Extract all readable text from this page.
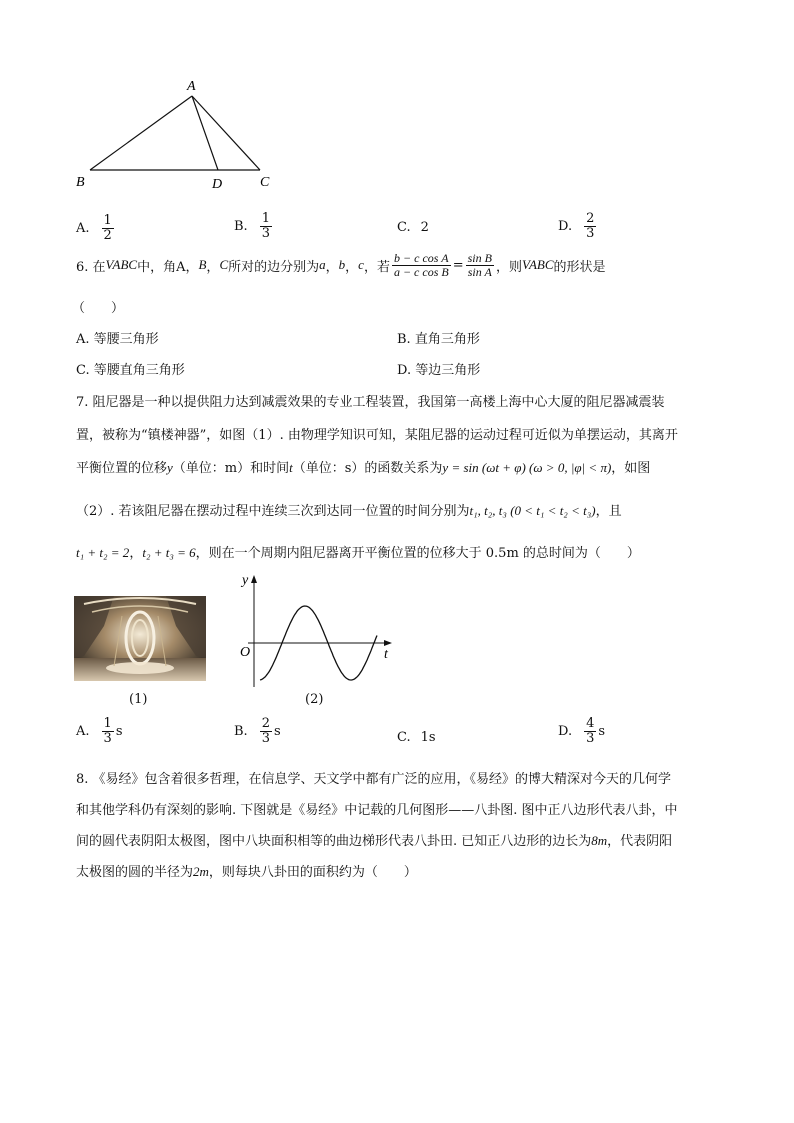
A
B	D	C
A. $\frac{1}{2}$	B. $\frac{1}{3}$	C. 2	D. $\frac{2}{3}$
6. 在 VABC 中，角A， B ， C 所对的边分别为 a ， b ， c ，若 $\frac{\text{b − c cos A}}{\text{a − c cos B}} = \frac{\text{sin B}}{\text{sin A}}$ ，则 VABC 的形状是
（　　）
A. 等腰三角形	B. 直角三角形
C. 等腰直角三角形	D. 等边三角形
7. 阻尼器是一种以提供阻力达到减震效果的专业工程装置，我国第一高楼上海中心大厦的阻尼器减震装
置，被称为“镇楼神器”，如图（1）. 由物理学知识可知，某阻尼器的运动过程可近似为单摆运动，其离开
平衡位置的位移y（单位：m）和时间t（单位：s）的函数关系为y = sin (ωt + φ) (ω > 0, |φ| < π)，如图
（2）. 若该阻尼器在摆动过程中连续三次到达同一位置的时间分别为t₁, t₂, t₃ (0 < t₁ < t₂ < t₃)，且
t₁ + t₂ = 2，t₂ + t₃ = 6，则在一个周期内阻尼器离开平衡位置的位移大于 0.5m 的总时间为（　　）
(1)
y
t
O
(2)
A. $\frac{1}{3}$ s	B. $\frac{2}{3}$ s	C. 1s	D. $\frac{4}{3}$ s
8. 《易经》包含着很多哲理，在信息学、天文学中都有广泛的应用，《易经》的博大精深对今天的几何学
和其他学科仍有深刻的影响. 下图就是《易经》中记载的几何图形——八卦图. 图中正八边形代表八卦，中
间的圆代表阴阳太极图，图中八块面积相等的曲边梯形代表八卦田. 已知正八边形的边长为8m，代表阴阳
太极图的圆的半径为2m，则每块八卦田的面积约为（　　）
